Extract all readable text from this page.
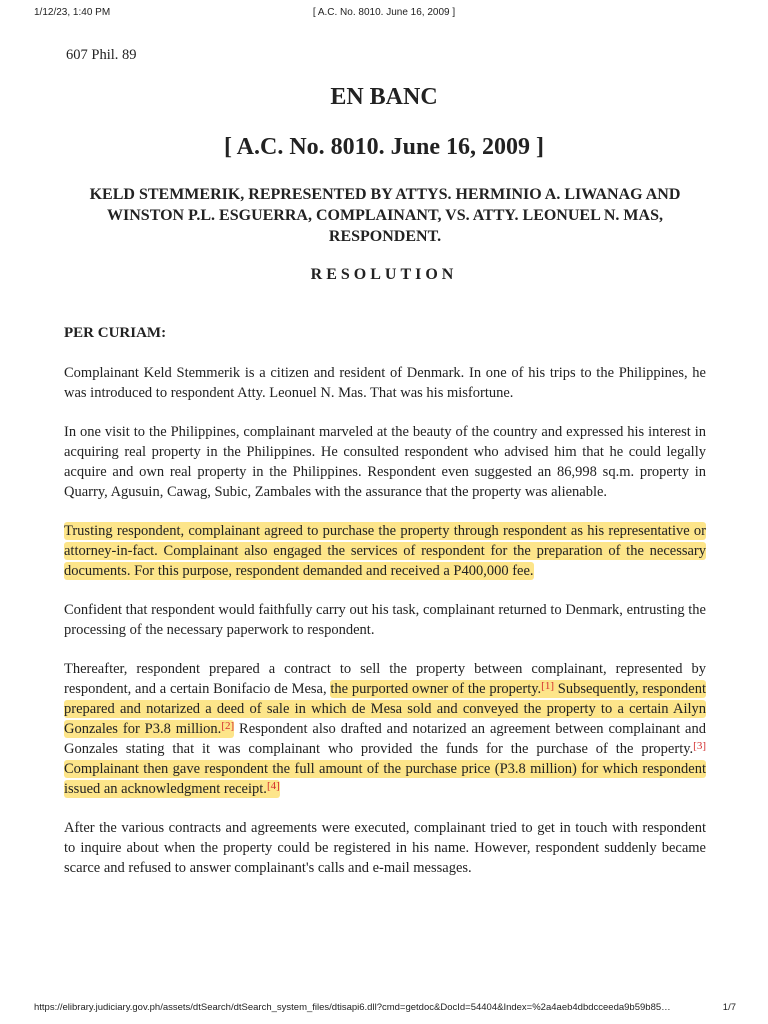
1/12/23, 1:40 PM	[ A.C. No. 8010. June 16, 2009 ]
607 Phil. 89
EN BANC
[ A.C. No. 8010. June 16, 2009 ]
KELD STEMMERIK, REPRESENTED BY ATTYS. HERMINIO A. LIWANAG AND WINSTON P.L. ESGUERRA, COMPLAINANT, VS. ATTY. LEONUEL N. MAS, RESPONDENT.
RESOLUTION
PER CURIAM:

Complainant Keld Stemmerik is a citizen and resident of Denmark. In one of his trips to the Philippines, he was introduced to respondent Atty. Leonuel N. Mas. That was his misfortune.

In one visit to the Philippines, complainant marveled at the beauty of the country and expressed his interest in acquiring real property in the Philippines. He consulted respondent who advised him that he could legally acquire and own real property in the Philippines. Respondent even suggested an 86,998 sq.m. property in Quarry, Agusuin, Cawag, Subic, Zambales with the assurance that the property was alienable.

Trusting respondent, complainant agreed to purchase the property through respondent as his representative or attorney-in-fact. Complainant also engaged the services of respondent for the preparation of the necessary documents. For this purpose, respondent demanded and received a P400,000 fee.

Confident that respondent would faithfully carry out his task, complainant returned to Denmark, entrusting the processing of the necessary paperwork to respondent.

Thereafter, respondent prepared a contract to sell the property between complainant, represented by respondent, and a certain Bonifacio de Mesa, the purported owner of the property.[1] Subsequently, respondent prepared and notarized a deed of sale in which de Mesa sold and conveyed the property to a certain Ailyn Gonzales for P3.8 million.[2] Respondent also drafted and notarized an agreement between complainant and Gonzales stating that it was complainant who provided the funds for the purchase of the property.[3] Complainant then gave respondent the full amount of the purchase price (P3.8 million) for which respondent issued an acknowledgment receipt.[4]

After the various contracts and agreements were executed, complainant tried to get in touch with respondent to inquire about when the property could be registered in his name. However, respondent suddenly became scarce and refused to answer complainant's calls and e-mail messages.

https://elibrary.judiciary.gov.ph/assets/dtSearch/dtSearch_system_files/dtisapi6.dll?cmd=getdoc&DocId=54404&Index=%2a4aeb4dbdcceeda9b59b85…	1/7
